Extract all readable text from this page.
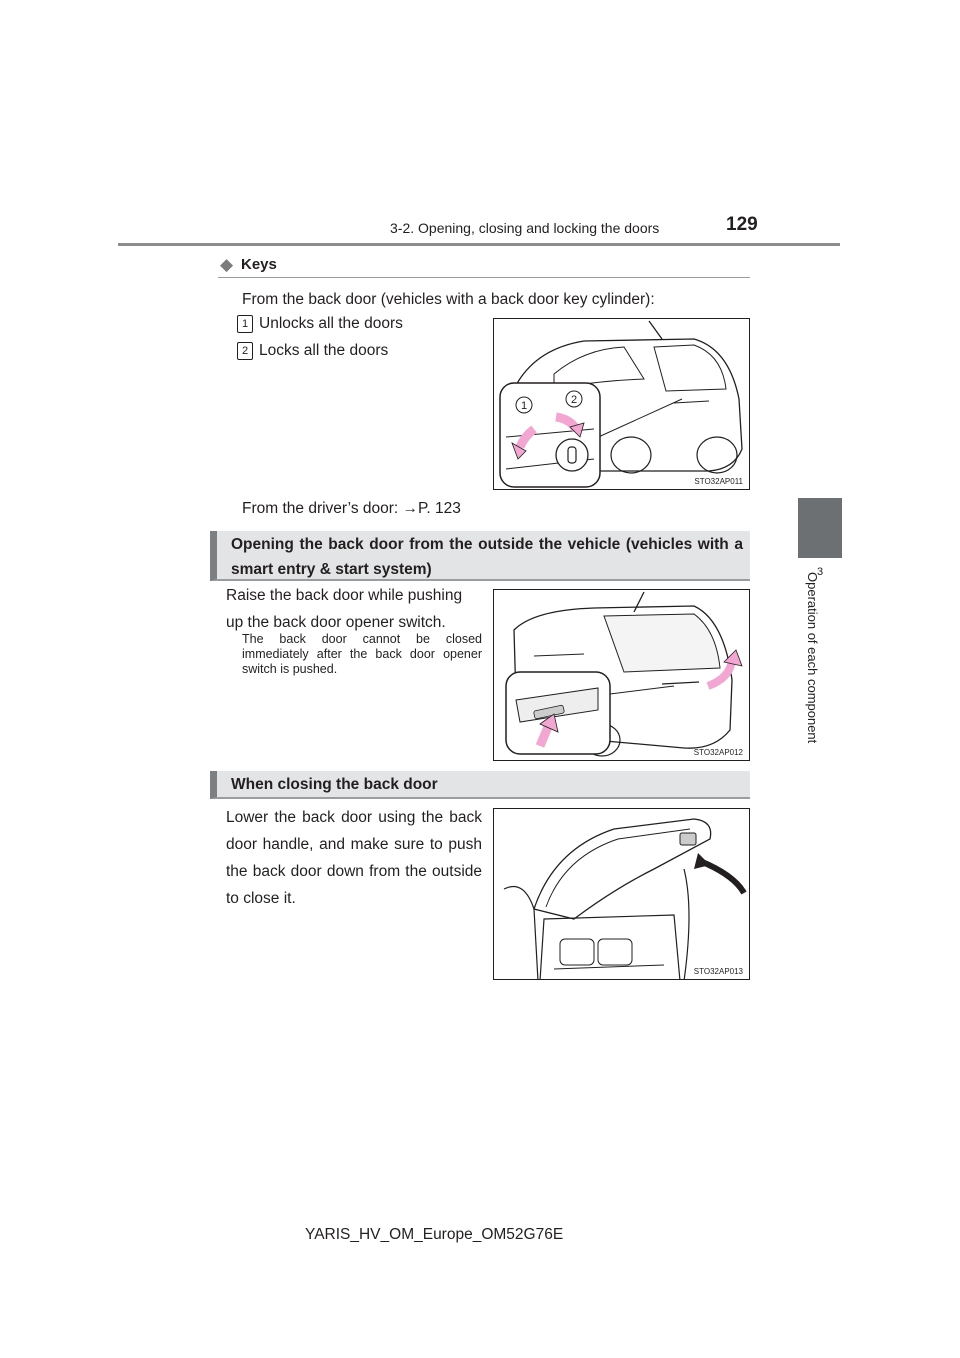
3-2. Opening, closing and locking the doors	129
3
Operation of each component
◆ Keys
From the back door (vehicles with a back door key cylinder):
1 Unlocks all the doors
2 Locks all the doors
1	2
STO32AP011
From the driver’s door: →P. 123
Opening the back door from the outside the vehicle (vehicles with a smart entry & start system)
Raise the back door while pushing up the back door opener switch.
The back door cannot be closed immediately after the back door opener switch is pushed.
STO32AP012
When closing the back door
Lower the back door using the back door handle, and make sure to push the back door down from the outside to close it.
STO32AP013
YARIS_HV_OM_Europe_OM52G76E
